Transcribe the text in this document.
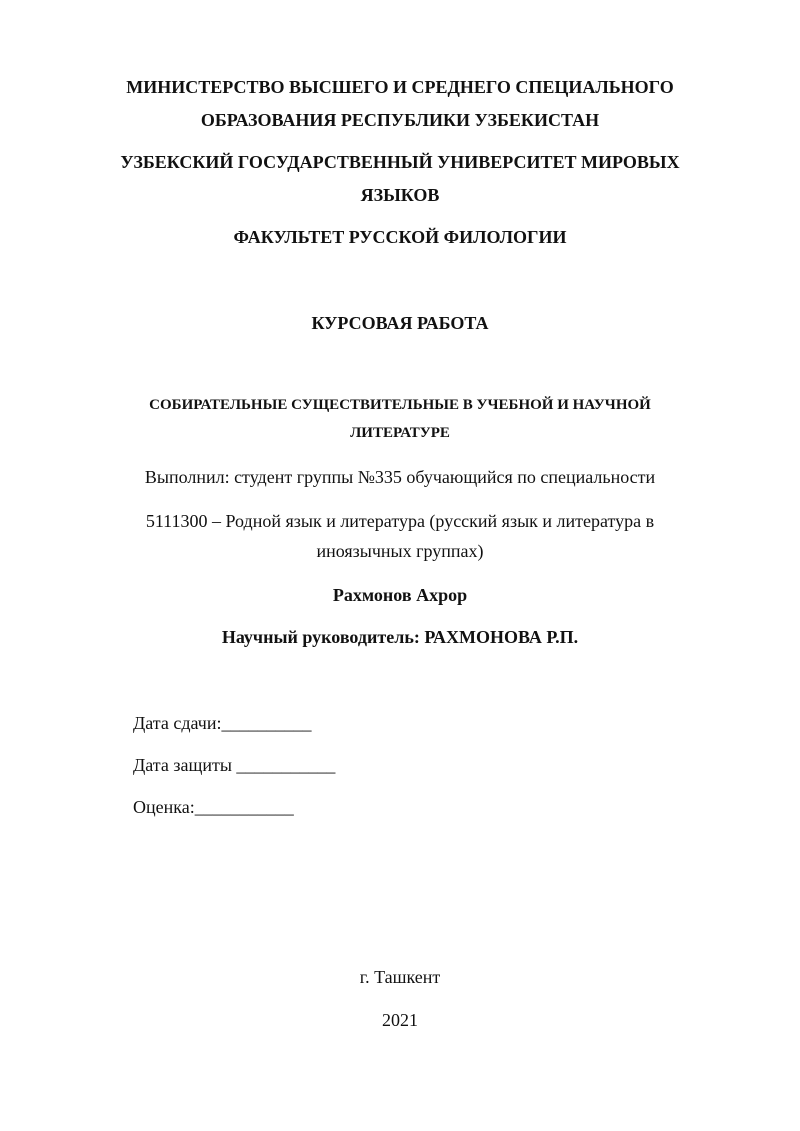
МИНИСТЕРСТВО ВЫСШЕГО И СРЕДНЕГО СПЕЦИАЛЬНОГО
ОБРАЗОВАНИЯ РЕСПУБЛИКИ УЗБЕКИСТАН
УЗБЕКСКИЙ ГОСУДАРСТВЕННЫЙ УНИВЕРСИТЕТ МИРОВЫХ
ЯЗЫКОВ
ФАКУЛЬТЕТ РУССКОЙ ФИЛОЛОГИИ
КУРСОВАЯ РАБОТА
СОБИРАТЕЛЬНЫЕ СУЩЕСТВИТЕЛЬНЫЕ В УЧЕБНОЙ И НАУЧНОЙ
ЛИТЕРАТУРЕ
Выполнил: студент группы №335 обучающийся по специальности
5111300 – Родной язык и литература (русский язык и литература в
иноязычных группах)
Рахмонов Ахрор
Научный руководитель: РАХМОНОВА Р.П.
Дата сдачи:__________
Дата защиты ___________
Оценка:___________
г. Ташкент
2021
